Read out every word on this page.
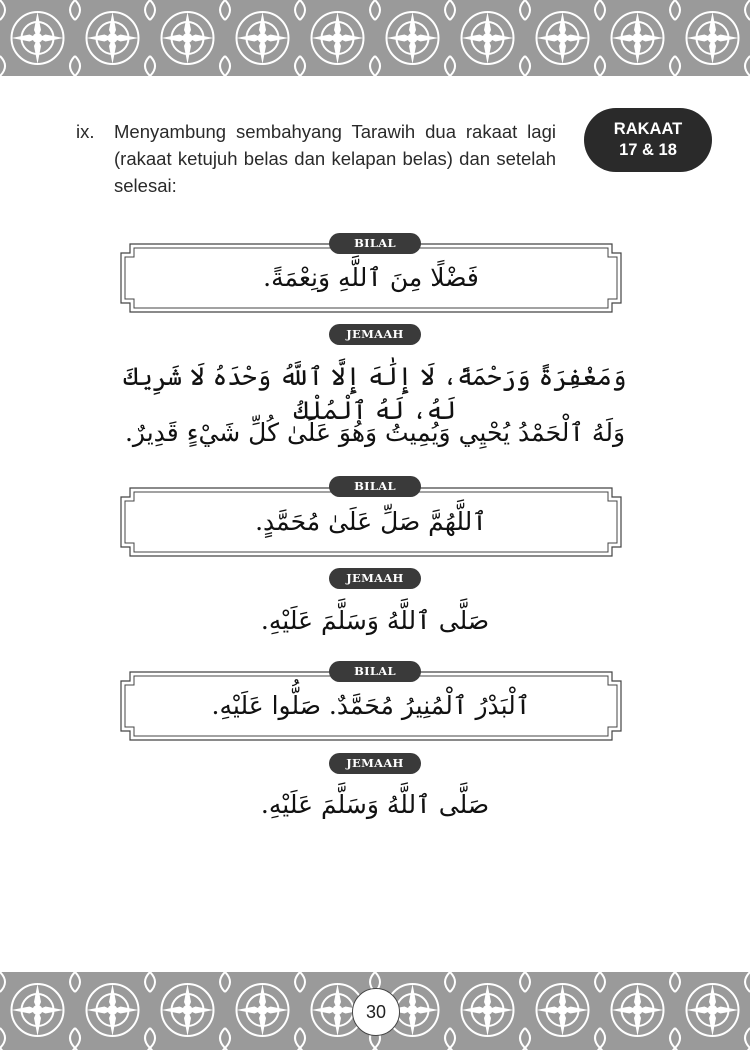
ix. Menyambung sembahyang Tarawih dua rakaat lagi (rakaat ketujuh belas dan kelapan belas) dan setelah selesai:
RAKAAT
17 & 18
فَضْلًا مِنَ ٱللَّهِ وَنِعْمَةً.
BILAL
JEMAAH
وَمَغْفِرَةً وَرَحْمَةً، لَا إِلَٰهَ إِلَّا ٱللَّهُ وَحْدَهُ لَا شَرِيكَ لَهُ، لَهُ ٱلْمُلْكُ
وَلَهُ ٱلْحَمْدُ يُحْيِي وَيُمِيتُ وَهُوَ عَلَىٰ كُلِّ شَيْءٍ قَدِيرٌ.
ٱللَّهُمَّ صَلِّ عَلَىٰ مُحَمَّدٍ.
BILAL
JEMAAH
صَلَّى ٱللَّهُ وَسَلَّمَ عَلَيْهِ.
ٱلْبَدْرُ ٱلْمُنِيرُ مُحَمَّدٌ. صَلُّوا عَلَيْهِ.
BILAL
JEMAAH
صَلَّى ٱللَّهُ وَسَلَّمَ عَلَيْهِ.
30
